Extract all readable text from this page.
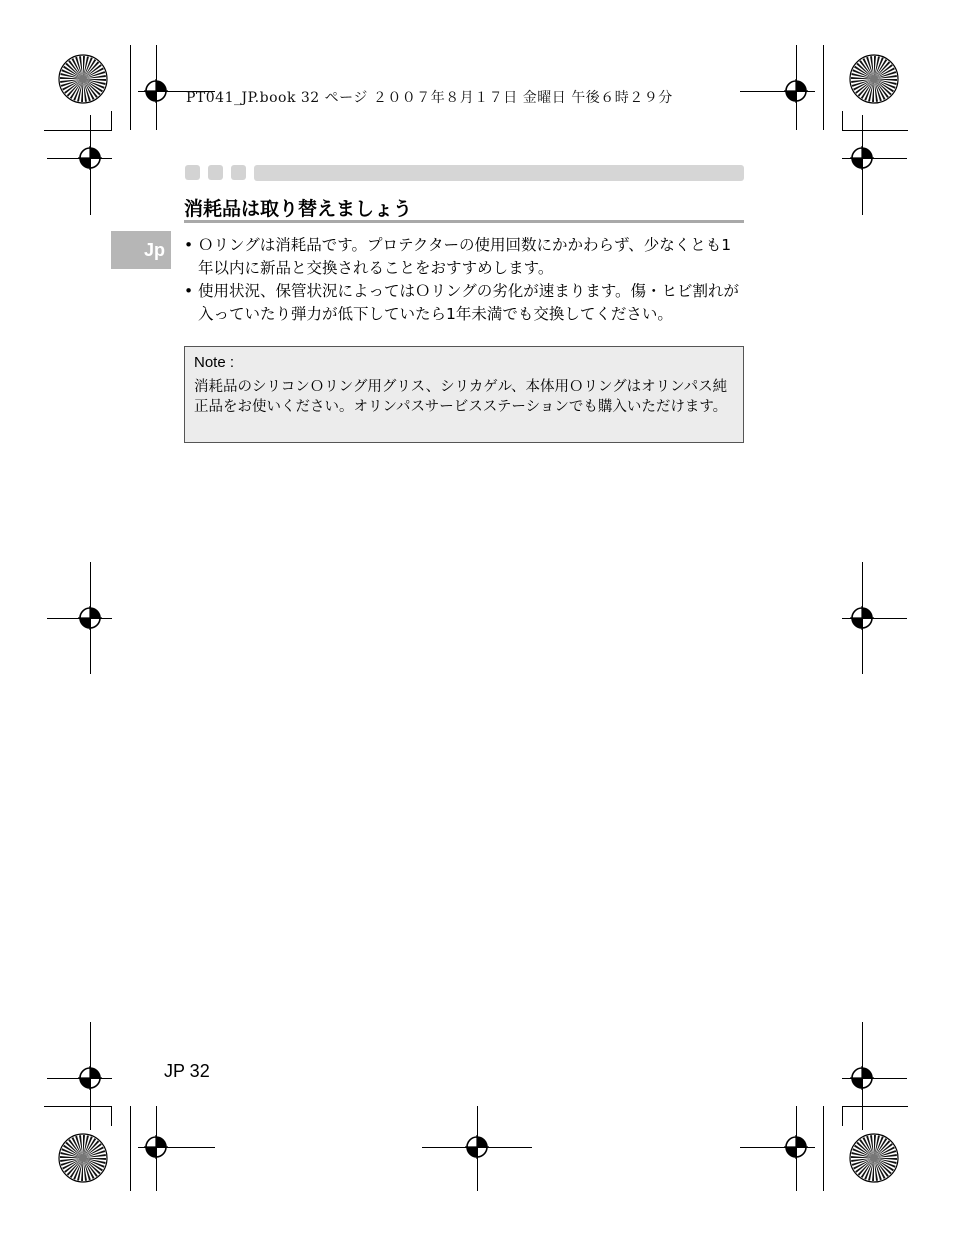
PT041_JP.book 32 ページ ２００７年８月１７日 金曜日 午後６時２９分
消耗品は取り替えましょう
Jp	• Ｏリングは消耗品です。プロテクターの使用回数にかかわらず、少なくとも1年以内に新品と交換されることをおすすめします。

• 使用状況、保管状況によってはＯリングの劣化が速まります。傷・ヒビ割れが入っていたり弾力が低下していたら1年未満でも交換してください。

Note :
消耗品のシリコンＯリング用グリス、シリカゲル、本体用Ｏリングはオリンパス純正品をお使いください。オリンパスサービスステーションでも購入いただけます。
JP 32
